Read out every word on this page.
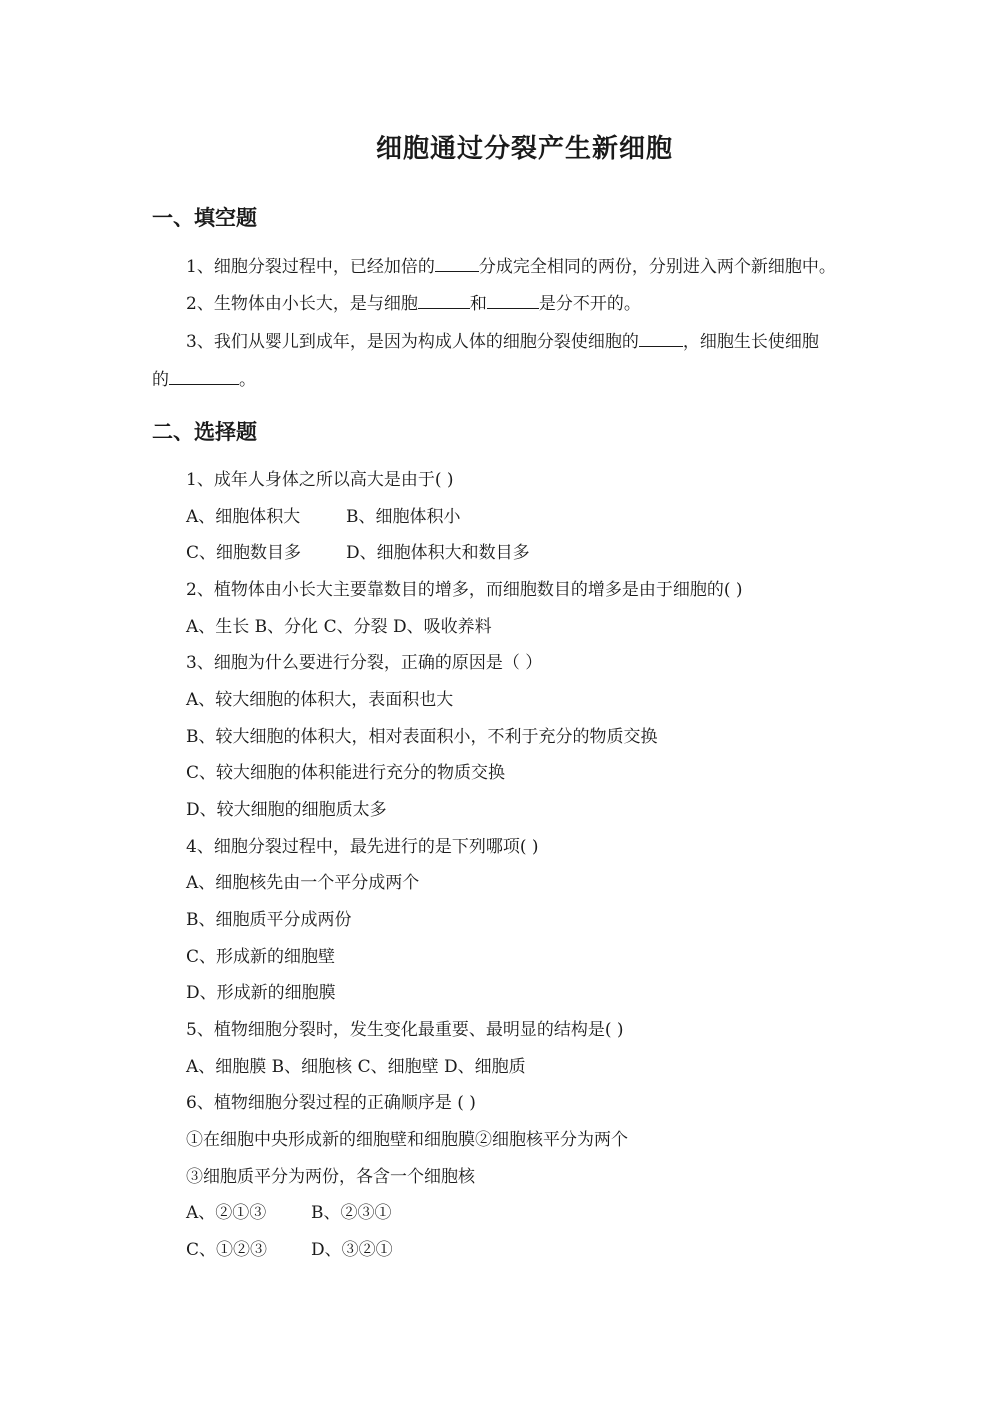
细胞通过分裂产生新细胞
一、填空题
1、细胞分裂过程中，已经加倍的	分成完全相同的两份，分别进入两个新细胞中。
2、生物体由小长大，是与细胞	和	是分不开的。
3、我们从婴儿到成年，是因为构成人体的细胞分裂使细胞的	，细胞生长使细胞
的	。
二、选择题
1、成年人身体之所以高大是由于( )
A、细胞体积大	B、细胞体积小
C、细胞数目多	D、细胞体积大和数目多
2、植物体由小长大主要靠数目的增多，而细胞数目的增多是由于细胞的( )
A、生长 B、分化 C、分裂 D、吸收养料
3、细胞为什么要进行分裂，正确的原因是（ ）
A、较大细胞的体积大，表面积也大
B、较大细胞的体积大，相对表面积小，不利于充分的物质交换
C、较大细胞的体积能进行充分的物质交换
D、较大细胞的细胞质太多
4、细胞分裂过程中，最先进行的是下列哪项( )
A、细胞核先由一个平分成两个
B、细胞质平分成两份
C、形成新的细胞壁
D、形成新的细胞膜
5、植物细胞分裂时，发生变化最重要、最明显的结构是( )
A、细胞膜 B、细胞核 C、细胞壁 D、细胞质
6、植物细胞分裂过程的正确顺序是 ( )
①在细胞中央形成新的细胞壁和细胞膜②细胞核平分为两个
③细胞质平分为两份，各含一个细胞核
A、②①③	B、②③①
C、①②③	D、③②①
